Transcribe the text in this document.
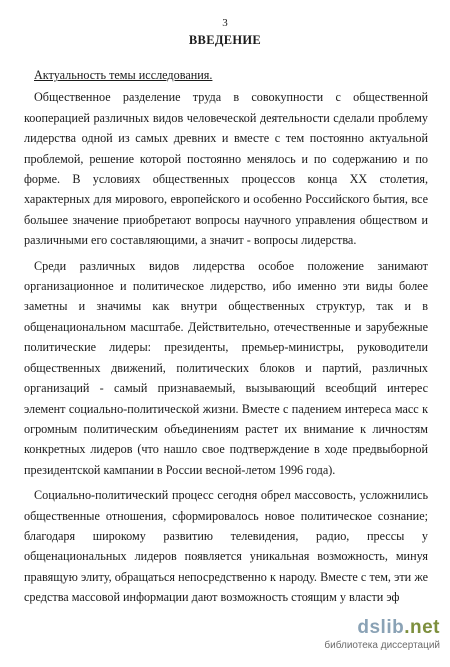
3
ВВЕДЕНИЕ
Актуальность темы исследования.

Общественное разделение труда в совокупности с общественной кооперацией различных видов человеческой деятельности сделали проблему лидерства одной из самых древних и вместе с тем постоянно актуальной проблемой, решение которой постоянно менялось и по содержанию и по форме. В условиях общественных процессов конца XX столетия, характерных для мирового, европейского и особенно Российского бытия, все большее значение приобретают вопросы научного управления обществом и различными его составляющими, а значит - вопросы лидерства.

Среди различных видов лидерства особое положение занимают организационное и политическое лидерство, ибо именно эти виды более заметны и значимы как внутри общественных структур, так и в общенациональном масштабе. Действительно, отечественные и зарубежные политические лидеры: президенты, премьер-министры, руководители общественных движений, политических блоков и партий, различных организаций - самый признаваемый, вызывающий всеобщий интерес элемент социально-политической жизни. Вместе с падением интереса масс к огромным политическим объединениям растет их внимание к личностям конкретных лидеров (что нашло свое подтверждение в ходе предвыборной президентской кампании в России весной-летом 1996 года).

Социально-политический процесс сегодня обрел массовость, усложнились общественные отношения, сформировалось новое политическое сознание; благодаря широкому развитию телевидения, радио, прессы у общенациональных лидеров появляется уникальная возможность, минуя правящую элиту, обращаться непосредственно к народу. Вместе с тем, эти же средства массовой информации дают возможность стоящим у власти эф

dslib.net
библиотека диссертаций
